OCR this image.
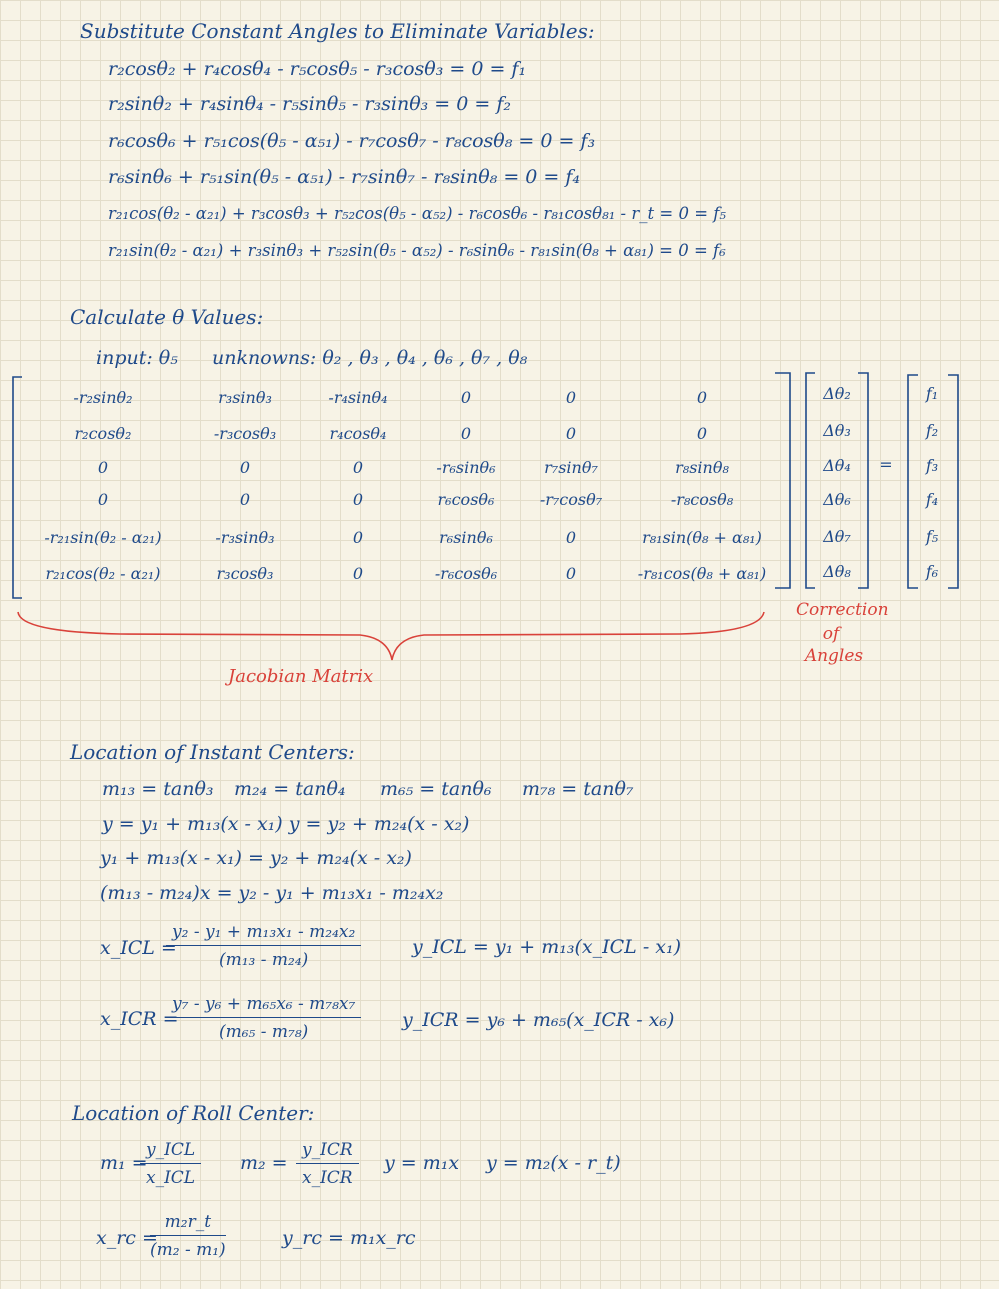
Substitute Constant Angles to Eliminate Variables:
r₂cosθ₂ + r₄cosθ₄ - r₅cosθ₅ - r₃cosθ₃ = 0 = f₁
r₂sinθ₂ + r₄sinθ₄ - r₅sinθ₅ - r₃sinθ₃ = 0 = f₂
r₆cosθ₆ + r₅₁cos(θ₅ - α₅₁) - r₇cosθ₇ - r₈cosθ₈ = 0 = f₃
r₆sinθ₆ + r₅₁sin(θ₅ - α₅₁) - r₇sinθ₇ - r₈sinθ₈ = 0 = f₄
r₂₁cos(θ₂ - α₂₁) + r₃cosθ₃ + r₅₂cos(θ₅ - α₅₂) - r₆cosθ₆ - r₈₁cosθ₈₁ - r_t = 0 = f₅
r₂₁sin(θ₂ - α₂₁) + r₃sinθ₃ + r₅₂sin(θ₅ - α₅₂) - r₆sinθ₆ - r₈₁sin(θ₈ + α₈₁) = 0 = f₆
Calculate θ Values:
input: θ₅ unknowns: θ₂ , θ₃ , θ₄ , θ₆ , θ₇ , θ₈
-r₂sinθ₂	r₃sinθ₃	-r₄sinθ₄	0	0	0
r₂cosθ₂	-r₃cosθ₃	r₄cosθ₄	0	0	0
0	0	0	-r₆sinθ₆	r₇sinθ₇	r₈sinθ₈
0	0	0	r₆cosθ₆	-r₇cosθ₇	-r₈cosθ₈
-r₂₁sin(θ₂ - α₂₁)	-r₃sinθ₃	0	r₆sinθ₆	0	r₈₁sin(θ₈ + α₈₁)
r₂₁cos(θ₂ - α₂₁)	r₃cosθ₃	0	-r₆cosθ₆	0	-r₈₁cos(θ₈ + α₈₁)
Δθ₂
Δθ₃
Δθ₄
Δθ₆
Δθ₇
Δθ₈
=
f₁
f₂
f₃
f₄
f₅
f₆
Jacobian Matrix
Correction
of
Angles
Location of Instant Centers:
m₁₃ = tanθ₃ m₂₄ = tanθ₄ m₆₅ = tanθ₆ m₇₈ = tanθ₇
y = y₁ + m₁₃(x - x₁) y = y₂ + m₂₄(x - x₂)
y₁ + m₁₃(x - x₁) = y₂ + m₂₄(x - x₂)
(m₁₃ - m₂₄)x = y₂ - y₁ + m₁₃x₁ - m₂₄x₂
x_ICL =
$\frac{\text{y₂ - y₁ + m₁₃x₁ - m₂₄x₂}}{\text{(m₁₃ - m₂₄)}}$	y_ICL = y₁ + m₁₃(x_ICL - x₁)
x_ICR =
$\frac{\text{y₇ - y₆ + m₆₅x₆ - m₇₈x₇}}{\text{(m₆₅ - m₇₈)}}$ y_ICR = y₆ + m₆₅(x_ICR - x₆)
Location of Roll Center:
m₁ =
y_ICL
x_ICL
m₂ =
y_ICR
x_ICR
y = m₁x y = m₂(x - r_t)
x_rc =
$\frac{\text{m₂r\_t}}{\text{(m₂ - m₁)}}$	y_rc = m₁x_rc
